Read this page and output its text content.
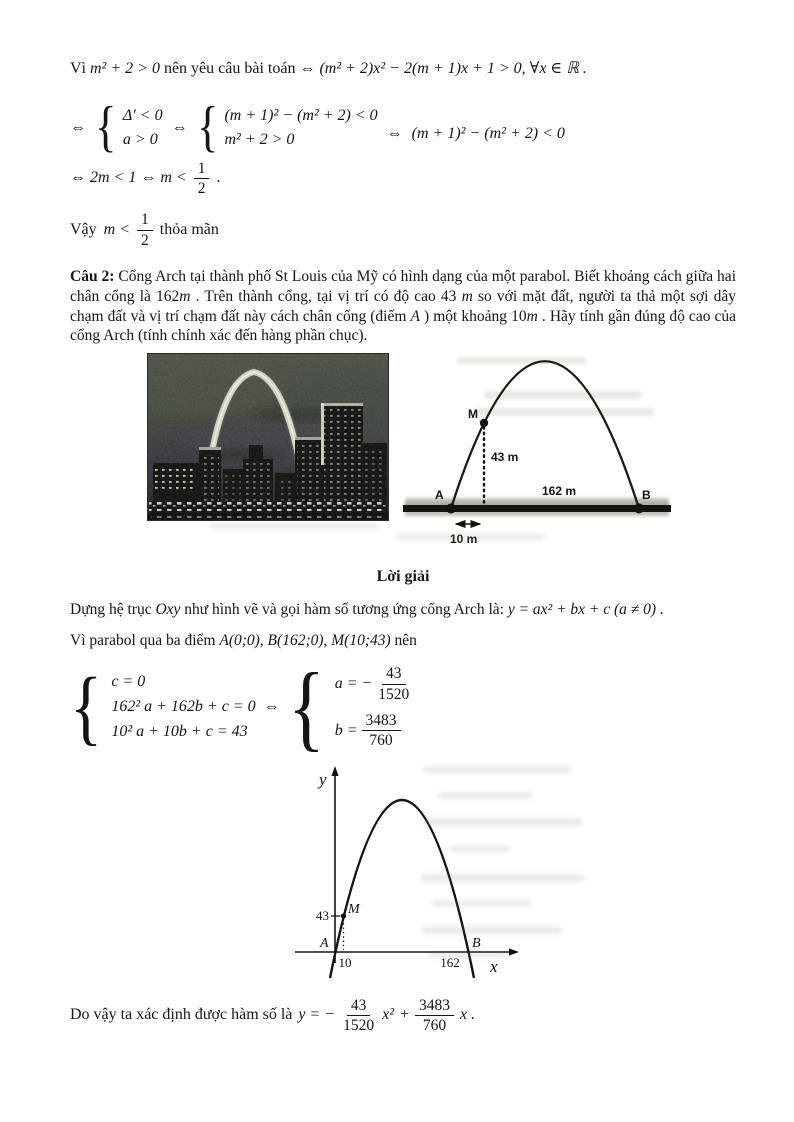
Vì m² + 2 > 0 nên yêu câu bài toán ⇔ (m² + 2)x² − 2(m + 1)x + 1 > 0, ∀x ∈ ℝ .

⇔ { Δ′ < 0
a > 0
⇔ { (m + 1)² − (m² + 2) < 0
m² + 2 > 0	⇔ (m + 1)² − (m² + 2) < 0
⇔ 2m < 1 ⇔ $m < \frac{1}{2}$ .
Vậy $m < \frac{1}{2}$ thỏa mãn

Câu 2: Cổng Arch tại thành phố St Louis của Mỹ có hình dạng của một parabol. Biết khoảng cách giữa hai chân cổng là 162m . Trên thành cổng, tại vị trí có độ cao 43 m so với mặt đất, người ta thả một sợi dây chạm đất và vị trí chạm đất này cách chân cổng (điểm A ) một khoảng 10m . Hãy tính gần đúng độ cao của cổng Arch (tính chính xác đến hàng phần chục).

M
43 m
162 m
A	B
10 m
Lời giải

Dựng hệ trục Oxy như hình vẽ và gọi hàm số tương ứng cổng Arch là: y = ax² + bx + c (a ≠ 0) .

Vì parabol qua ba điểm A(0;0), B(162;0), M(10;43) nên

{ c = 0
162² a + 162b + c = 0
10² a + 10b + c = 43
⇔ { a = − $\frac{43}{1520}$
$b = \frac{3483}{760}$
y
x
43 M
A	B
10	162
Do vậy ta xác định được hàm số là y = − $\frac{43}{1520} x^2 + \frac{3483}{760}$ x .
